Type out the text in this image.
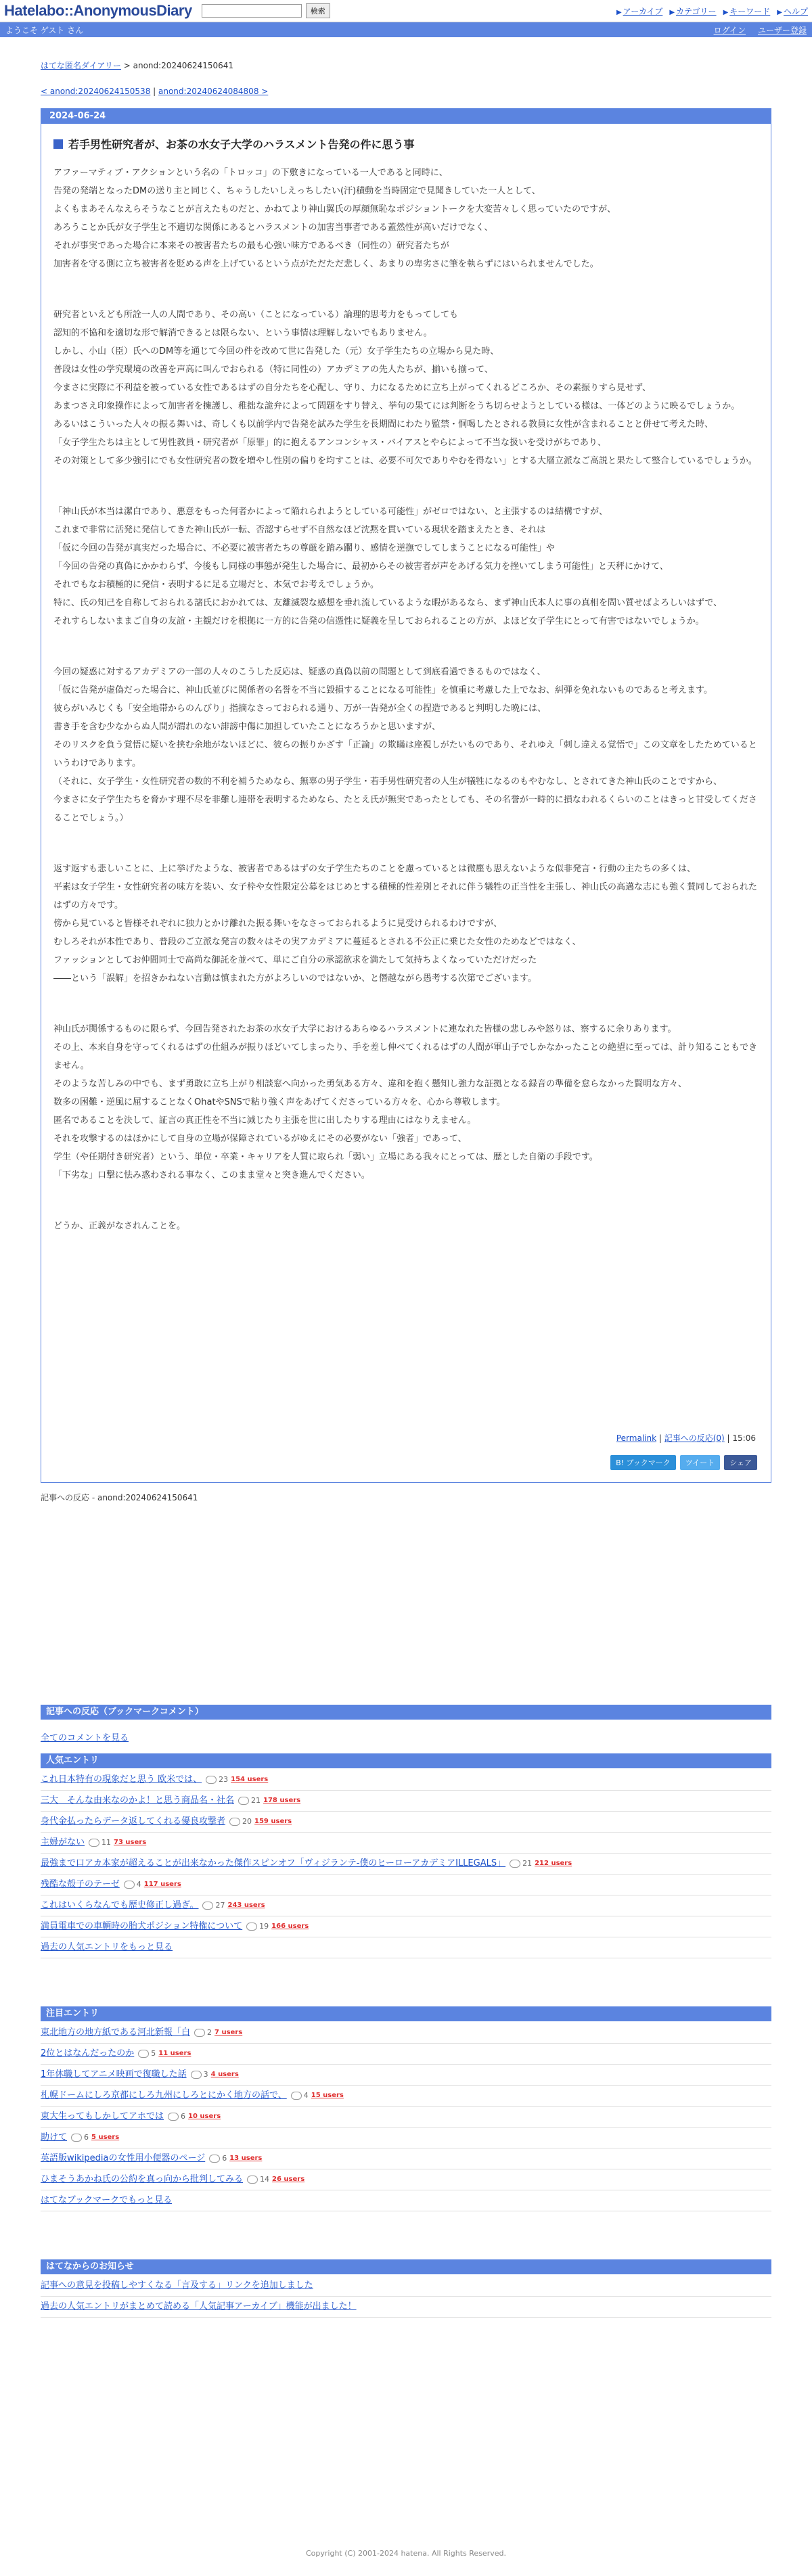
Hatelabo::AnonymousDiary	検索	▶ アーカイブ ▶ カテゴリー ▶ キーワード ▶ ヘルプ
ようこそ ゲスト さん	ログイン ユーザー登録
はてな匿名ダイアリー > anond:20240624150641
< anond:20240624150538 | anond:20240624084808 >
2024-06-24
若手男性研究者が、お茶の水女子大学のハラスメント告発の件に思う事

アファーマティブ・アクションという名の「トロッコ」の下敷きになっている一人であると同時に、

告発の発端となったDMの送り主と同じく、ちゃうしたいしえっちしたい(汗)積動を当時固定で見聞きしていた一人として、

よくもまあそんなえらそうなことが言えたものだと、かねてより神山翼氏の厚顔無恥なポジショントークを大変苦々しく思っていたのですが、

あろうことか氏が女子学生と不適切な関係にあるとハラスメントの加害当事者である蓋然性が高いだけでなく、

それが事実であった場合に本来その被害者たちの最も心強い味方であるべき（同性の）研究者たちが

加害者を守る側に立ち被害者を貶める声を上げているという点がただただ悲しく、あまりの卑劣さに筆を執らずにはいられませんでした。

研究者といえども所詮一人の人間であり、その高い（ことになっている）論理的思考力をもってしても

認知的不協和を適切な形で解消できるとは限らない、という事情は理解しないでもありません。

しかし、小山（臣）氏へのDM等を通じて今回の件を改めて世に告発した（元）女子学生たちの立場から見た時、

普段は女性の学究環境の改善を声高に叫んでおられる（特に同性の）アカデミアの先人たちが、揃いも揃って、

今まさに実際に不利益を被っている女性であるはずの自分たちを心配し、守り、力になるために立ち上がってくれるどころか、その素振りすら見せず、

あまつさえ印象操作によって加害者を擁護し、稚拙な詭弁によって問題をすり替え、挙句の果てには判断をうち切らせようとしている様は、一体どのように映るでしょうか。

あるいはこういった人々の振る舞いは、奇しくも以前学内で告発を試みた学生を長期間にわたり監禁・恫喝したとされる教員に女性が含まれることと併せて考えた時、

「女子学生たちは主として男性教員・研究者が「原罪」的に抱えるアンコンシャス・バイアスとやらによって不当な扱いを受けがちであり、

その対策として多少強引にでも女性研究者の数を増やし性別の偏りを均すことは、必要不可欠でありやむを得ない」とする大層立派なご高説と果たして整合しているでしょうか。

「神山氏が本当は潔白であり、悪意をもった何者かによって陥れられようとしている可能性」がゼロではない、と主張するのは結構ですが、

これまで非常に活発に発信してきた神山氏が一転、否認すらせず不自然なほど沈黙を貫いている現状を踏まえたとき、それは

「仮に今回の告発が真実だった場合に、不必要に被害者たちの尊厳を踏み躙り、感情を逆撫でしてしまうことになる可能性」や

「今回の告発の真偽にかかわらず、今後もし同様の事態が発生した場合に、最初からその被害者が声をあげる気力を挫いてしまう可能性」と天秤にかけて、

それでもなお積極的に発信・表明するに足る立場だと、本気でお考えでしょうか。

特に、氏の知己を自称しておられる諸氏におかれては、友離滅裂な感想を垂れ流しているような暇があるなら、まず神山氏本人に事の真相を問い質せばよろしいはずで、

それすらしないままご自身の友誼・主観だけを根拠に一方的に告発の信憑性に疑義を呈しておられることの方が、よほど女子学生にとって有害ではないでしょうか。

今回の疑惑に対するアカデミアの一部の人々のこうした反応は、疑惑の真偽以前の問題として到底看過できるものではなく、

「仮に告発が虚偽だった場合に、神山氏並びに関係者の名誉を不当に毀損することになる可能性」を慎重に考慮した上でなお、糾弾を免れないものであると考えます。

彼らがいみじくも「安全地帯からのんびり」指摘なさっておられる通り、万が一告発が全くの捏造であると判明した晩には、

書き手を含む少なからぬ人間が謂れのない誹謗中傷に加担していたことになろうかと思いますが、

そのリスクを負う覚悟に疑いを挟む余地がないほどに、彼らの振りかざす「正論」の欺瞞は座視しがたいものであり、それゆえ「刺し違える覚悟で」この文章をしたためているというわけであります。

（それに、女子学生・女性研究者の数的不利を補うためなら、無辜の男子学生・若手男性研究者の人生が犠牲になるのもやむなし、とされてきた神山氏のことですから、

今まさに女子学生たちを脅かす理不尽を非難し連帯を表明するためなら、たとえ氏が無実であったとしても、その名誉が一時的に損なわれるくらいのことはきっと甘受してくださることでしょう。）

返す返すも悲しいことに、上に挙げたような、被害者であるはずの女子学生たちのことを慮っているとは微塵も思えないような似非発言・行動の主たちの多くは、

平素は女子学生・女性研究者の味方を装い、女子枠や女性限定公募をはじめとする積極的性差別とそれに伴う犠牲の正当性を主張し、神山氏の高邁な志にも強く賛同しておられたはずの方々です。

傍から見ていると皆様それぞれに独力とかけ離れた振る舞いをなさっておられるように見受けられるわけですが、

むしろそれが本性であり、普段のご立派な発言の数々はその実アカデミアに蔓延るとされる不公正に乗じた女性のためなどではなく、

ファッションとしてお仲間同士で高尚な御託を並べて、単にご自分の承認欲求を満たして気持ちよくなっていただけだった

――という「誤解」を招きかねない言動は慎まれた方がよろしいのではないか、と僭越ながら愚考する次第でございます。

神山氏が関係するものに限らず、今回告発されたお茶の水女子大学におけるあらゆるハラスメントに連なれた皆様の悲しみや怒りは、察するに余りあります。

その上、本来自身を守ってくれるはずの仕組みが振りほどいてしまったり、手を差し伸べてくれるはずの人間が軍山子でしかなかったことの絶望に至っては、計り知ることもできません。

そのような苦しみの中でも、まず勇敢に立ち上がり相談窓へ向かった勇気ある方々、違和を抱く懸知し強力な証拠となる録音の準備を怠らなかった賢明な方々、

数多の困難・逆風に屈することなくOhatやSNSで粘り強く声をあげてくださっている方々を、心から尊敬します。

匿名であることを決して、証言の真正性を不当に減じたり主張を世に出したりする理由にはなりえません。

それを攻撃するのはほかにして自身の立場が保障されているがゆえにその必要がない「強者」であって、

学生（や任期付き研究者）という、単位・卒業・キャリアを人質に取られ「弱い」立場にある我々にとっては、歴とした自衛の手段です。

「下劣な」口撃に怯み惑わされる事なく、このまま堂々と突き進んでください。

どうか、正義がなされんことを。

Permalink | 記事への反応(0) | 15:06
B! ブックマーク	ツイート	シェア
記事への反応 - anond:20240624150641
記事への反応（ブックマークコメント）
全てのコメントを見る
人気エントリ
これ日本特有の現象だと思う 欧米では、 23 154 users
三大　そんな由来なのかよ！と思う商品名・社名 21 178 users
身代金払ったらデータ返してくれる優良攻撃者 20 159 users
主婦がない 11 73 users
最強まで口アカ本家が超えることが出来なかった傑作スピンオフ「ヴィジランテ-僕のヒーローアカデミアILLEGALS」 21 212 users
残酷な殻子のテーゼ 4 117 users
これはいくらなんでも歴史修正し過ぎ。 27 243 users
満員電車での車輌時の胎犬ポジション特権について 19 166 users
過去の人気エントリをもっと見る
注目エントリ
東北地方の地方紙である河北新報「白 2 7 users
2位とはなんだったのか 5 11 users
1年休職してアニメ映画で復職した話 3 4 users
札幌ドームにしろ京都にしろ九州にしろとにかく地方の話で、 4 15 users
東大生ってもしかしてアホでは 6 10 users
助けて 6 5 users
英語版wikipediaの女性用小便器のページ 6 13 users
ひまそうあかね氏の公約を真っ向から批判してみる 14 26 users
はてなブックマークでもっと見る
はてなからのお知らせ
記事への意見を投稿しやすくなる「言及する」リンクを追加しました
過去の人気エントリがまとめて読める「人気記事アーカイブ」機能が出ました！
Copyright (C) 2001-2024 hatena. All Rights Reserved.
